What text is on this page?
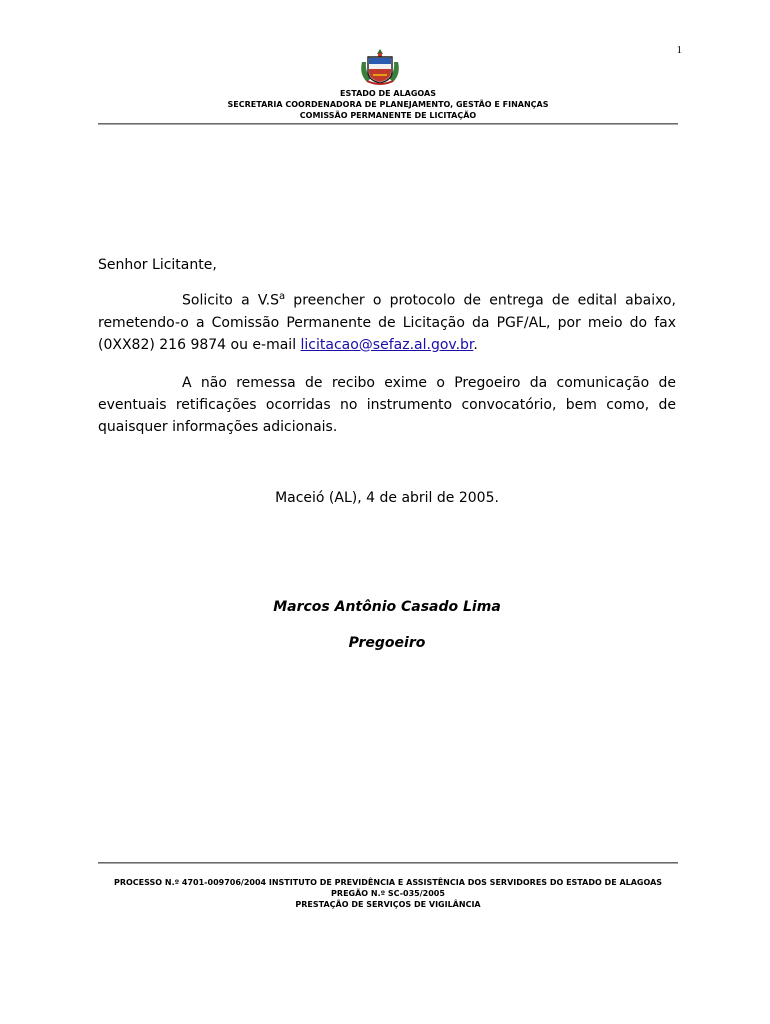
1
ESTADO DE ALAGOAS
SECRETARIA COORDENADORA DE PLANEJAMENTO, GESTÃO E FINANÇAS
COMISSÃO PERMANENTE DE LICITAÇÃO
Senhor Licitante,
Solicito a $V.S^a$ preencher o protocolo de entrega de edital abaixo, remetendo-o a Comissão Permanente de Licitação da PGF/AL, por meio do fax (0XX82) 216 9874 ou e-mail licitacao@sefaz.al.gov.br.
A não remessa de recibo exime o Pregoeiro da comunicação de eventuais retificações ocorridas no instrumento convocatório, bem como, de quaisquer informações adicionais.
Maceió (AL), 4 de abril de 2005.
Marcos Antônio Casado Lima
Pregoeiro
PROCESSO N.º 4701-009706/2004 INSTITUTO DE PREVIDÊNCIA E ASSISTÊNCIA DOS SERVIDORES DO ESTADO DE ALAGOAS
PREGÃO N.º SC-035/2005
PRESTAÇÃO DE SERVIÇOS DE VIGILÂNCIA
